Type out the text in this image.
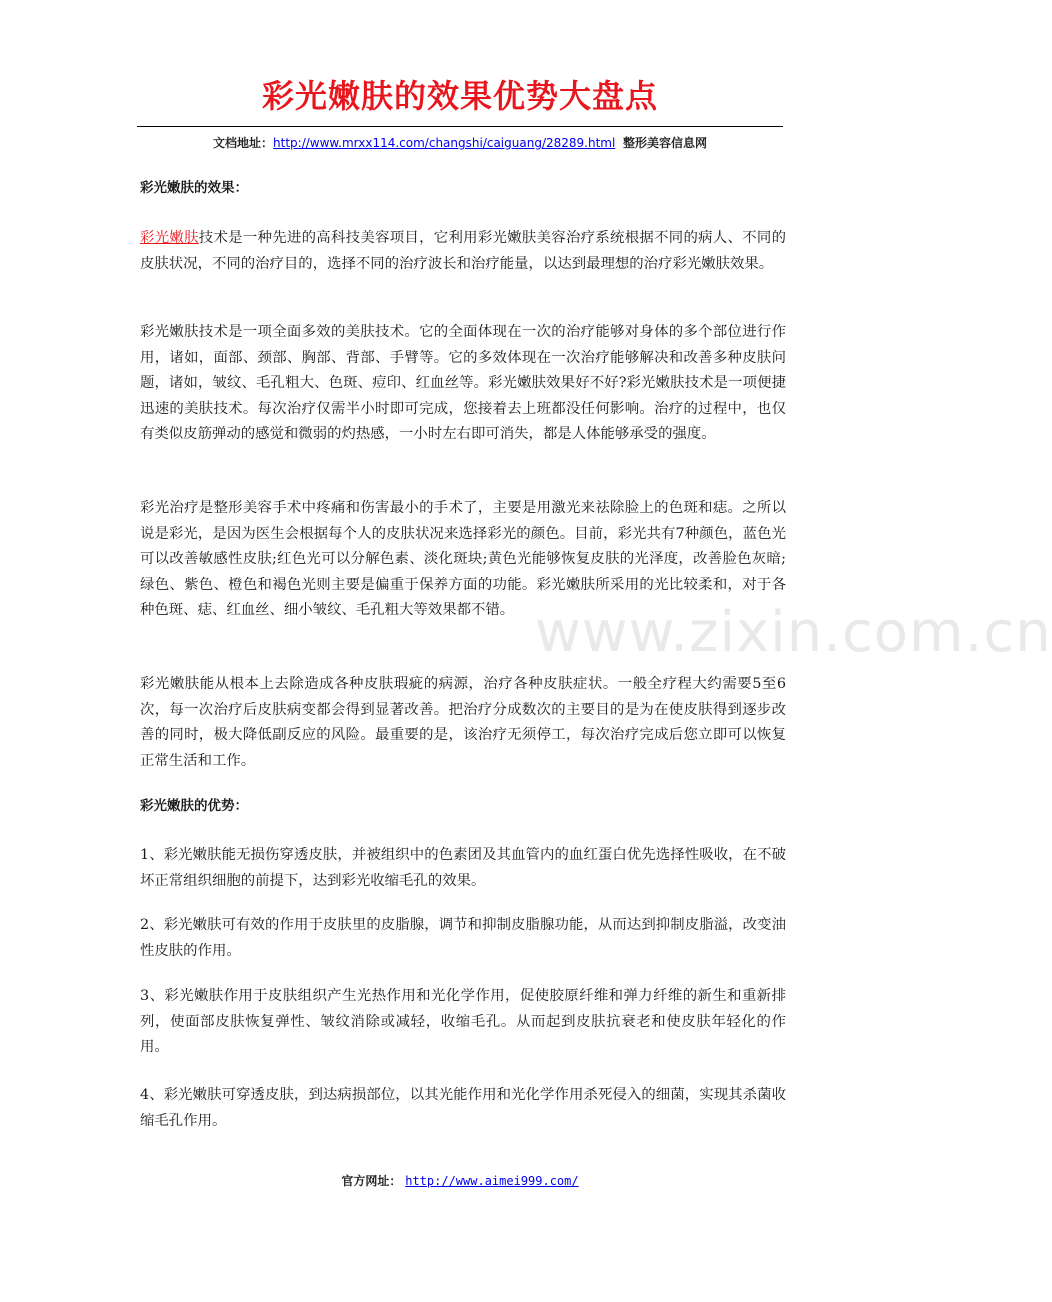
彩光嫩肤的效果优势大盘点
文档地址：http://www.mrxx114.com/changshi/caiguang/28289.html 整形美容信息网
www.zixin.com.cn
彩光嫩肤的效果：

彩光嫩肤技术是一种先进的高科技美容项目，它利用彩光嫩肤美容治疗系统根据不同的病人、不同的皮肤状况，不同的治疗目的，选择不同的治疗波长和治疗能量，以达到最理想的治疗彩光嫩肤效果。

彩光嫩肤技术是一项全面多效的美肤技术。它的全面体现在一次的治疗能够对身体的多个部位进行作用，诸如，面部、颈部、胸部、背部、手臂等。它的多效体现在一次治疗能够解决和改善多种皮肤问题，诸如，皱纹、毛孔粗大、色斑、痘印、红血丝等。彩光嫩肤效果好不好?彩光嫩肤技术是一项便捷迅速的美肤技术。每次治疗仅需半小时即可完成，您接着去上班都没任何影响。治疗的过程中，也仅有类似皮筋弹动的感觉和微弱的灼热感，一小时左右即可消失，都是人体能够承受的强度。

彩光治疗是整形美容手术中疼痛和伤害最小的手术了，主要是用激光来祛除脸上的色斑和痣。之所以说是彩光，是因为医生会根据每个人的皮肤状况来选择彩光的颜色。目前，彩光共有7种颜色，蓝色光可以改善敏感性皮肤;红色光可以分解色素、淡化斑块;黄色光能够恢复皮肤的光泽度，改善脸色灰暗;绿色、紫色、橙色和褐色光则主要是偏重于保养方面的功能。彩光嫩肤所采用的光比较柔和，对于各种色斑、痣、红血丝、细小皱纹、毛孔粗大等效果都不错。

彩光嫩肤能从根本上去除造成各种皮肤瑕疵的病源，治疗各种皮肤症状。一般全疗程大约需要5至6次，每一次治疗后皮肤病变都会得到显著改善。把治疗分成数次的主要目的是为在使皮肤得到逐步改善的同时，极大降低副反应的风险。最重要的是，该治疗无须停工，每次治疗完成后您立即可以恢复正常生活和工作。

彩光嫩肤的优势：

1、彩光嫩肤能无损伤穿透皮肤，并被组织中的色素团及其血管内的血红蛋白优先选择性吸收，在不破坏正常组织细胞的前提下，达到彩光收缩毛孔的效果。

2、彩光嫩肤可有效的作用于皮肤里的皮脂腺，调节和抑制皮脂腺功能，从而达到抑制皮脂溢，改变油性皮肤的作用。

3、彩光嫩肤作用于皮肤组织产生光热作用和光化学作用，促使胶原纤维和弹力纤维的新生和重新排列，使面部皮肤恢复弹性、皱纹消除或减轻，收缩毛孔。从而起到皮肤抗衰老和使皮肤年轻化的作用。

4、彩光嫩肤可穿透皮肤，到达病损部位，以其光能作用和光化学作用杀死侵入的细菌，实现其杀菌收缩毛孔作用。

官方网址： http://www.aimei999.com/
